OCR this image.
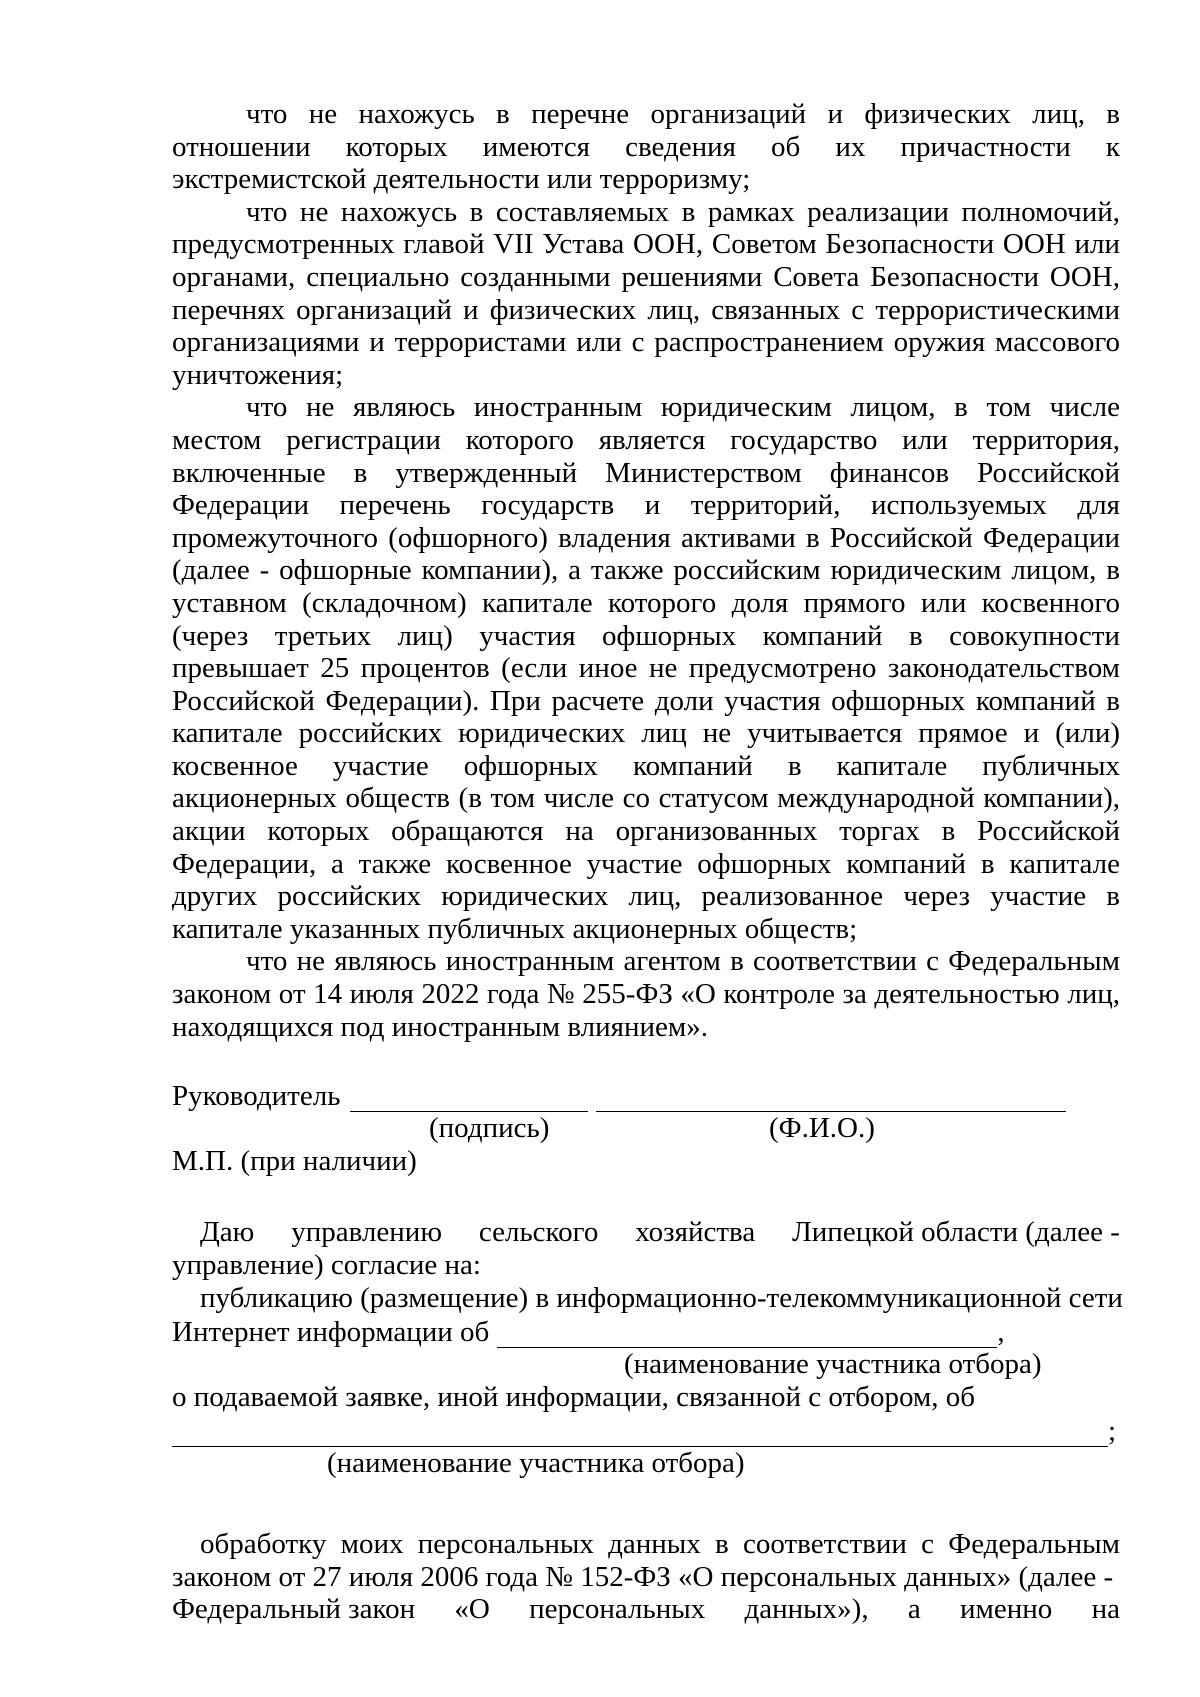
что не нахожусь в перечне организаций и физических лиц, в отношении которых имеются сведения об их причастности к экстремистской деятельности или терроризму;

что не нахожусь в составляемых в рамках реализации полномочий, предусмотренных главой VII Устава ООН, Советом Безопасности ООН или органами, специально созданными решениями Совета Безопасности ООН, перечнях организаций и физических лиц, связанных с террористическими организациями и террористами или с распространением оружия массового уничтожения;

что не являюсь иностранным юридическим лицом, в том числе местом регистрации которого является государство или территория, включенные в утвержденный Министерством финансов Российской Федерации перечень государств и территорий, используемых для промежуточного (офшорного) владения активами в Российской Федерации (далее - офшорные компании), а также российским юридическим лицом, в уставном (складочном) капитале которого доля прямого или косвенного (через третьих лиц) участия офшорных компаний в совокупности превышает 25 процентов (если иное не предусмотрено законодательством Российской Федерации). При расчете доли участия офшорных компаний в капитале российских юридических лиц не учитывается прямое и (или) косвенное участие офшорных компаний в капитале публичных акционерных обществ (в том числе со статусом международной компании), акции которых обращаются на организованных торгах в Российской Федерации, а также косвенное участие офшорных компаний в капитале других российских юридических лиц, реализованное через участие в капитале указанных публичных акционерных обществ;

что не являюсь иностранным агентом в соответствии с Федеральным законом от 14 июля 2022 года № 255-ФЗ «О контроле за деятельностью лиц, находящихся под иностранным влиянием».

Руководитель
(подпись)	(Ф.И.О.)
М.П. (при наличии)
Даю управлению сельского хозяйства Липецкой области (далее -
управление) согласие на:
публикацию (размещение) в информационно-телекоммуникационной сети
Интернет информации об	,
(наименование участника отбора)
о подаваемой заявке, иной информации, связанной с отбором, об
;
(наименование участника отбора)

обработку моих персональных данных в соответствии с Федеральным законом от 27 июля 2006 года № 152-ФЗ «О персональных данных» (далее -

Федеральный закон «О персональных данных»), а именно на
